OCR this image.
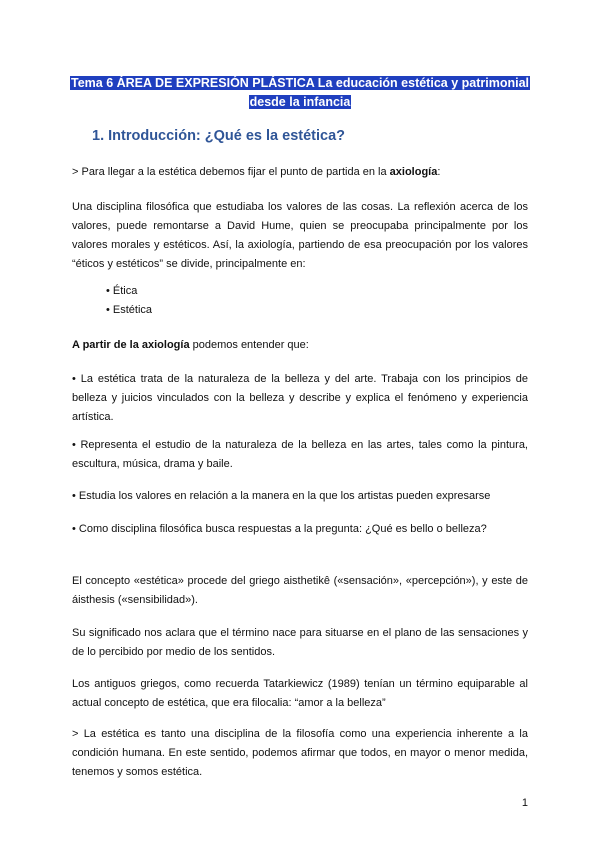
Tema 6 ÁREA DE EXPRESIÓN PLÁSTICA La educación estética y patrimonial
desde la infancia
1. Introducción: ¿Qué es la estética?
> Para llegar a la estética debemos fijar el punto de partida en la axiología:
Una disciplina filosófica que estudiaba los valores de las cosas. La reflexión acerca de los valores, puede remontarse a David Hume, quien se preocupaba principalmente por los valores morales y estéticos. Así, la axiología, partiendo de esa preocupación por los valores “éticos y estéticos” se divide, principalmente en:
• Ética
• Estética
A partir de la axiología podemos entender que:
• La estética trata de la naturaleza de la belleza y del arte. Trabaja con los principios de belleza y juicios vinculados con la belleza y describe y explica el fenómeno y experiencia artística.
• Representa el estudio de la naturaleza de la belleza en las artes, tales como la pintura, escultura, música, drama y baile.
• Estudia los valores en relación a la manera en la que los artistas pueden expresarse
• Como disciplina filosófica busca respuestas a la pregunta: ¿Qué es bello o belleza?
El concepto «estética» procede del griego aisthetikê («sensación», «percepción»), y este de áisthesis («sensibilidad»).
Su significado nos aclara que el término nace para situarse en el plano de las sensaciones y de lo percibido por medio de los sentidos.
Los antiguos griegos, como recuerda Tatarkiewicz (1989) tenían un término equiparable al actual concepto de estética, que era filocalia: “amor a la belleza”
> La estética es tanto una disciplina de la filosofía como una experiencia inherente a la condición humana. En este sentido, podemos afirmar que todos, en mayor o menor medida, tenemos y somos estética.
1
